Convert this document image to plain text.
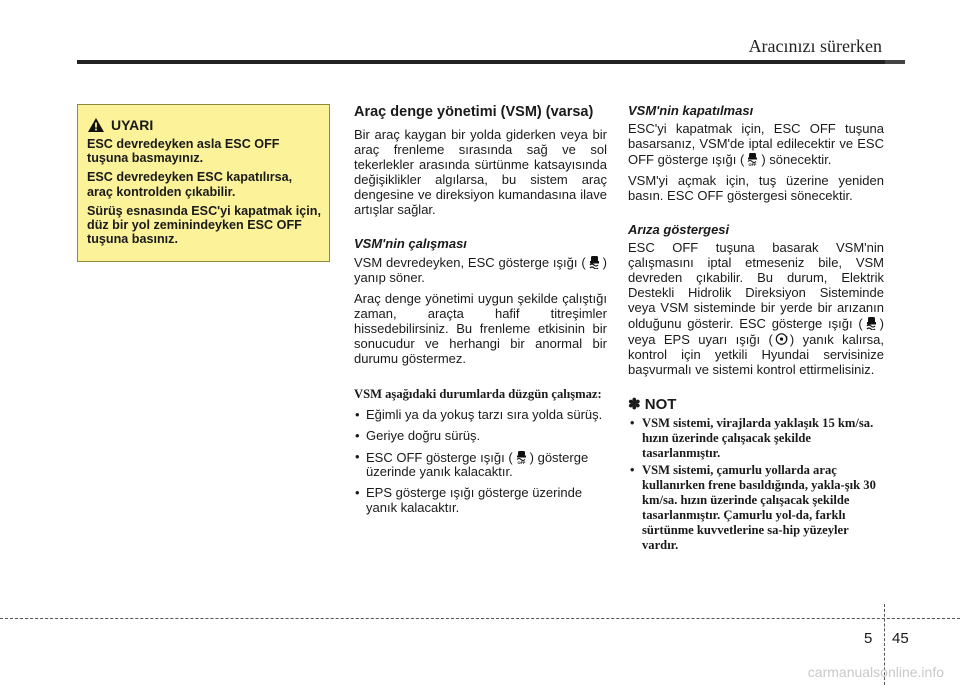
Aracınızı sürerken
UYARI

ESC devredeyken asla ESC OFF tuşuna basmayınız.

ESC devredeyken ESC kapatılırsa, araç kontrolden çıkabilir.

Sürüş esnasında ESC'yi kapatmak için, düz bir yol zeminindeyken ESC OFF tuşuna basınız.

Araç denge yönetimi (VSM) (varsa)

Bir araç kaygan bir yolda giderken veya bir araç frenleme sırasında sağ ve sol tekerlekler arasında sürtünme katsayısında değişiklikler algılarsa, bu sistem araç dengesine ve direksiyon kumandasına ilave artışlar sağlar.

VSM'nin çalışması

VSM devredeyken, ESC gösterge ışığı ( ) yanıp söner.

Araç denge yönetimi uygun şekilde çalıştığı zaman, araçta hafif titreşimler hissedebilirsiniz. Bu frenleme etkisinin bir sonucudur ve herhangi bir anormal bir durumu göstermez.

VSM aşağıdaki durumlarda düzgün çalışmaz:

• Eğimli ya da yokuş tarzı sıra yolda sürüş.
• Geriye doğru sürüş.
• ESC OFF gösterge ışığı ( OFF ) gösterge üzerinde yanık kalacaktır.
• EPS gösterge ışığı gösterge üzerinde yanık kalacaktır.

VSM'nin kapatılması

ESC'yi kapatmak için, ESC OFF tuşuna basarsanız, VSM'de iptal edilecektir ve ESC OFF gösterge ışığı ( OFF ) sönecektir.

VSM'yi açmak için, tuş üzerine yeniden basın. ESC OFF göstergesi sönecektir.

Arıza göstergesi

ESC OFF tuşuna basarak VSM'nin çalışmasını iptal etmeseniz bile, VSM devreden çıkabilir. Bu durum, Elektrik Destekli Hidrolik Direksiyon Sisteminde veya VSM sisteminde bir yerde bir arızanın olduğunu gösterir. ESC gösterge ışığı ( ) veya EPS uyarı ışığı ( ) yanık kalırsa, kontrol için yetkili Hyundai servisinize başvurmalı ve sistemi kontrol ettirmelisiniz.

✽ NOT

• VSM sistemi, virajlarda yaklaşık 15 km/sa. hızın üzerinde çalışacak şekilde tasarlanmıştır.
• VSM sistemi, çamurlu yollarda araç kullanırken frene basıldığında, yakla-şık 30 km/sa. hızın üzerinde çalışacak şekilde tasarlanmıştır. Çamurlu yol-da, farklı sürtünme kuvvetlerine sa-hip yüzeyler vardır.
5 45
carmanualsonline.info
